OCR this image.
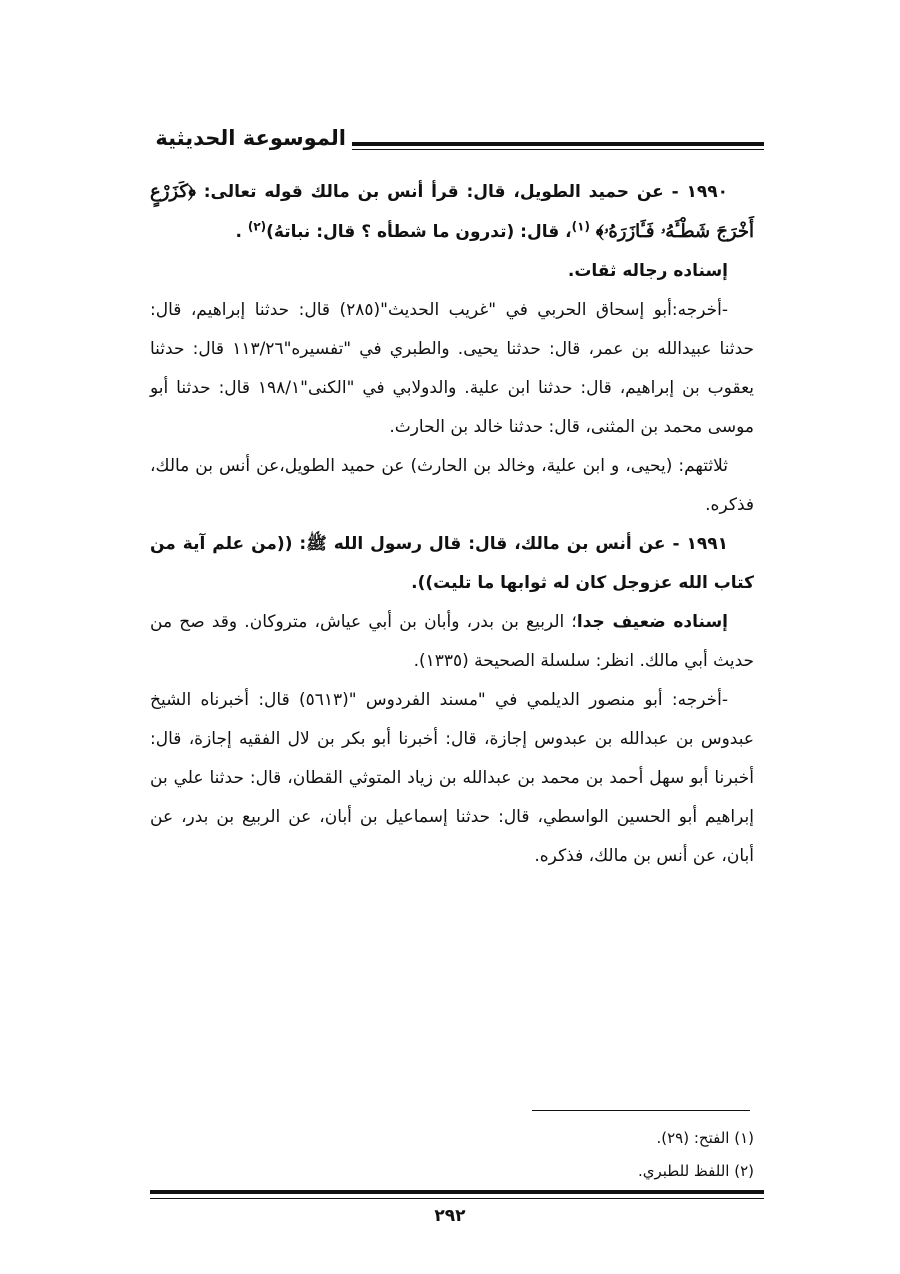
الموسوعة الحديثية

١٩٩٠ - عن حميد الطويل، قال: قرأ أنس بن مالك قوله تعالى: ﴿كَزَرْعٍ أَخْرَجَ شَطْـَٔهُۥ فَـَٔازَرَهُۥ﴾ $^{(١)}$، قال: (تدرون ما شطأه ؟ قال: نباتهُ)$^{(٢)}$ .

إسناده رجاله ثقات.

-أخرجه:أبو إسحاق الحربي في "غريب الحديث"(٢٨٥) قال: حدثنا إبراهيم، قال: حدثنا عبيدالله بن عمر، قال: حدثنا يحيى. والطبري في "تفسيره"١١٣/٢٦ قال: حدثنا يعقوب بن إبراهيم، قال: حدثنا ابن علية. والدولابي في "الكنى"١٩٨/١ قال: حدثنا أبو موسى محمد بن المثنى، قال: حدثنا خالد بن الحارث.

ثلاثتهم: (يحيى، و ابن علية، وخالد بن الحارث) عن حميد الطويل،عن أنس بن مالك، فذكره.

١٩٩١ - عن أنس بن مالك، قال: قال رسول الله ﷺ: ((من علم آية من كتاب الله عزوجل كان له ثوابها ما تليت)).

إسناده ضعيف جدا؛ الربيع بن بدر، وأبان بن أبي عياش، متروكان. وقد صح من حديث أبي مالك. انظر: سلسلة الصحيحة (١٣٣٥).

-أخرجه: أبو منصور الديلمي في "مسند الفردوس "(٥٦١٣) قال: أخبرناه الشيخ عبدوس بن عبدالله بن عبدوس إجازة، قال: أخبرنا أبو بكر بن لال الفقيه إجازة، قال: أخبرنا أبو سهل أحمد بن محمد بن عبدالله بن زياد المتوثي القطان، قال: حدثنا علي بن إبراهيم أبو الحسين الواسطي، قال: حدثنا إسماعيل بن أبان، عن الربيع بن بدر، عن أبان، عن أنس بن مالك، فذكره.

(١) الفتح: (٢٩).

(٢) اللفظ للطبري.

٢٩٢
